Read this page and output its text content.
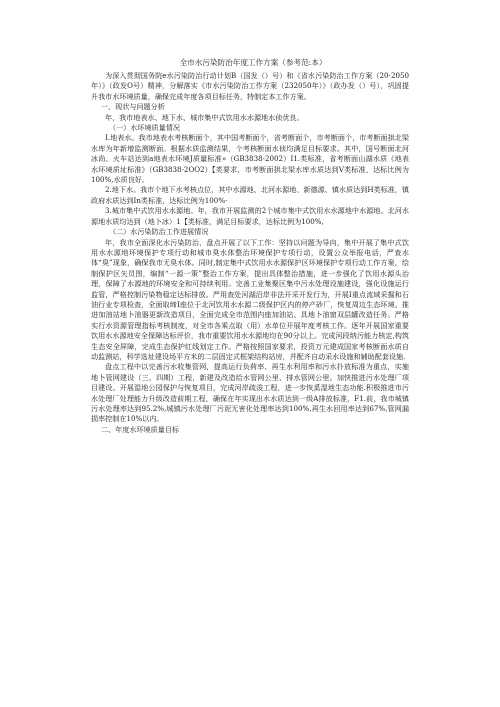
全市水污染防治年度工作方案（参考范:本）

为深入贯彻国务院e水污染防治行动计划B（国发（）号）和《省水污染防治工作方案（20-2050年）》（政发O号）精神，分解落实《市水污染防治工作方案（232050年）》（政办发（）号），巩固提升我市水环境质量，确保完成年度各项目标任务，特制定本工作方案。

一、现状与问题分析

年，我市地表水、地下水、城市集中式饮用水水源地水侦优良。

（一）水环境质量情况

I.地表水。我市地表水考核断面个，其中国考断面个，省考断面个，市考断面个，市考断面拱北梁水库为年新增监测断面。根据水质监测结果，个考核断面水侦均满足目标要求。其中，国号断面北河冰尚、火车站达到a地表水环境J质量标准»（GB3838-2002）I1.类标准，省考断面山湖水质《地表水环境质址标准》（GB3838-2OO2）【类要求，市考断面拱北梁水库水质达到V类标准，达标比例为100%,水质良好。

2.地下水。我市个地下水考核点位，其中水源地、北河水源地、新德源、镇水质达到H类标准，镇政府水质达到In类标准，达标比例为100%·

3.城市集中式饮用水水源地。年，我市开展监测的2个城市集中式饮用水水源地中水源地、北河水源地水质均达到（地卜冰）1【类标准，满足目标要求，达标比例为100%,

（二）水污染防治工作进展情况

年，我市全面深化水污染防治，盘点开展了以下工作：坚持以问题为导向，集中开展了集中式饮用水水源地环境保护专项行动和城市臭水体整治环境保护专项行动，设置公众举报电话，严查水体“臭”现象，确保我市无臭水体。同时,制定集中式饮用水水源保护区环境保护专项行动工作方案，绘制保护区矢员图，编制“一源一策”整治工作方案，提出具体整治措施，进一步强化了饮用水源头治理，保障了水源地的环境安全和可持续利用。完善工业集聚区集中污水处理设施建设，强化设施运行监管，严格控制污染物稳定达标排放。严用查处河湖沿岸非法开采开发行为，开展I重点流域采掘和石油行业专项检查，全面取缔I座位于北河饮用水水源二级保护区内的停产砂厂，恢复周边生态环境。推进加油站地卜油器更新改造项目，全面完成全市范围内座加油站、具地卜油窗双层罐改造任务。严格实行水资源管理指标考核制度，对全市各乘点取（用）水单位开展年度考核工作。逐年开展国家重要饮用水水源地安全保障达标评价，我市重要饮用水水源地均在90分以上。完成河段纳污能力核定,构筑生态安全屏障，完成生态保护红线划定工作。严格按照国家要求，投资万元建成国家考核断面水质自动监测站，科学选址建设场平方米的二层固定式框架结构站房，并配齐自动采水设施和辅助配套设施.

盘点工程中以完善污水收集管网，提高运行负荷率、再生水利用率和污水扑放标准为重点，实施地卜管网建设（三、四期）工程，新建及改造给水管网公里、排水管网公里。加快推进污水处理厂项目建设。开展湿地公园保护与恢复项目，完成河岸疏浚工程，进一步恢奚湿地生态功能.积极推进市污水处理厂处理能力升级改造前期工程，确保在年实现出水水质达到一级A排放标准，F1.前，我市城镇污水处理率达到95.2%,城镇污水处理厂污泥无害化处理率达到100%,再生水回用率达到67%,管网漏损率控制在10%以内。

二、年度水环境质量目标
